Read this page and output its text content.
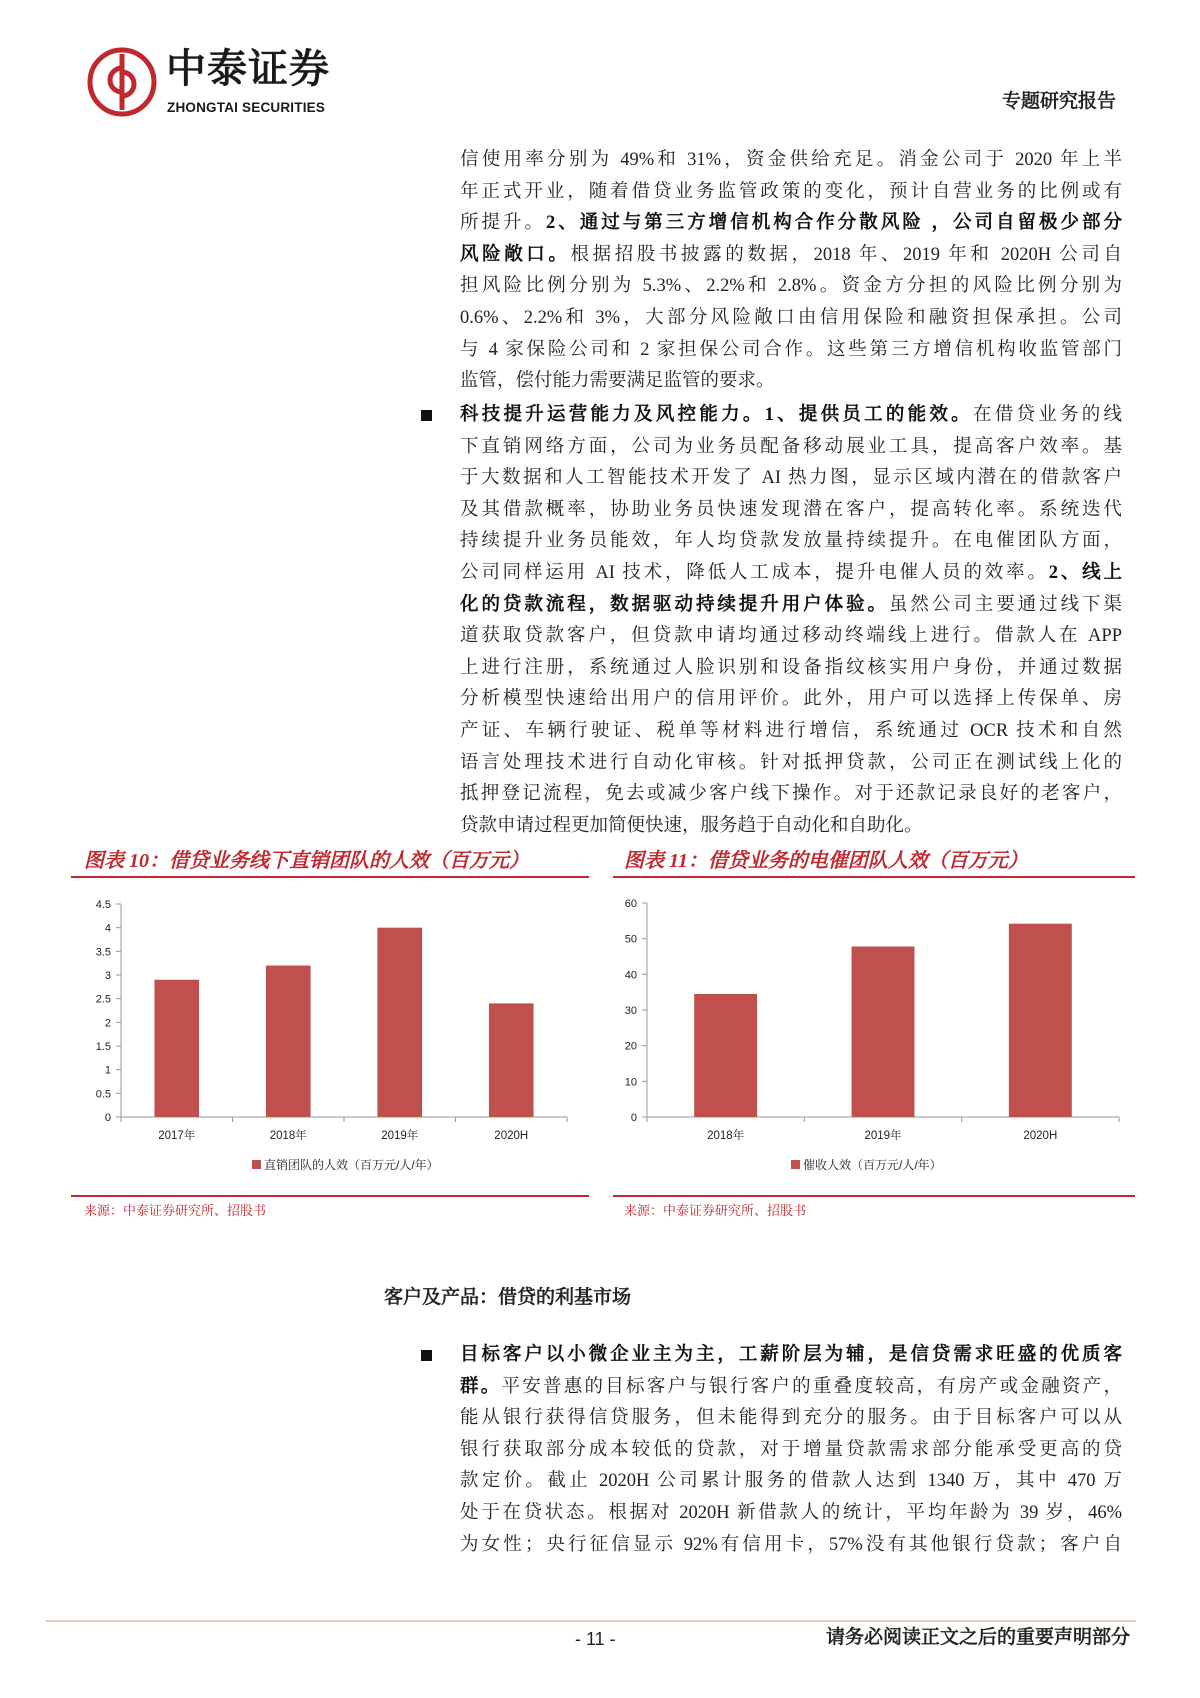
中泰证券
ZHONGTAI SECURITIES	专题研究报告
信使用率分别为 49%和 31%，资金供给充足。消金公司于 2020 年上半
年正式开业，随着借贷业务监管政策的变化，预计自营业务的比例或有
所提升。2、通过与第三方增信机构合作分散风险 ，公司自留极少部分
风险敞口。根据招股书披露的数据，2018 年、2019 年和 2020H 公司自
担风险比例分别为 5.3%、2.2%和 2.8%。资金方分担的风险比例分别为
0.6%、2.2%和 3%，大部分风险敞口由信用保险和融资担保承担。公司
与 4 家保险公司和 2 家担保公司合作。这些第三方增信机构收监管部门
监管，偿付能力需要满足监管的要求。
科技提升运营能力及风控能力。1、提供员工的能效。在借贷业务的线
下直销网络方面，公司为业务员配备移动展业工具，提高客户效率。基
于大数据和人工智能技术开发了 AI 热力图，显示区域内潜在的借款客户
及其借款概率，协助业务员快速发现潜在客户，提高转化率。系统迭代
持续提升业务员能效，年人均贷款发放量持续提升。在电催团队方面，
公司同样运用 AI 技术，降低人工成本，提升电催人员的效率。2、线上
化的贷款流程，数据驱动持续提升用户体验。虽然公司主要通过线下渠
道获取贷款客户，但贷款申请均通过移动终端线上进行。借款人在 APP
上进行注册，系统通过人脸识别和设备指纹核实用户身份，并通过数据
分析模型快速给出用户的信用评价。此外，用户可以选择上传保单、房
产证、车辆行驶证、税单等材料进行增信，系统通过 OCR 技术和自然
语言处理技术进行自动化审核。针对抵押贷款，公司正在测试线上化的
抵押登记流程，免去或减少客户线下操作。对于还款记录良好的老客户，
贷款申请过程更加简便快速，服务趋于自动化和自助化。
图表 10：借贷业务线下直销团队的人效（百万元）
0
0.5
1
1.5
2
2.5
3
3.5
4
4.5
2017年	2018年	2019年	2020H
直销团队的人效（百万元/人/年）
来源：中泰证券研究所、招股书
图表 11：借贷业务的电催团队人效（百万元）
0
10
20
30
40
50
60
2018年	2019年	2020H
催收人效（百万元/人/年）
来源：中泰证券研究所、招股书
客户及产品：借贷的利基市场
目标客户以小微企业主为主，工薪阶层为辅，是信贷需求旺盛的优质客
群。平安普惠的目标客户与银行客户的重叠度较高，有房产或金融资产，
能从银行获得信贷服务，但未能得到充分的服务。由于目标客户可以从
银行获取部分成本较低的贷款，对于增量贷款需求部分能承受更高的贷
款定价。截止 2020H 公司累计服务的借款人达到 1340 万，其中 470 万
处于在贷状态。根据对 2020H 新借款人的统计，平均年龄为 39 岁，46%
为女性；央行征信显示 92%有信用卡，57%没有其他银行贷款；客户自
- 11 -	请务必阅读正文之后的重要声明部分
